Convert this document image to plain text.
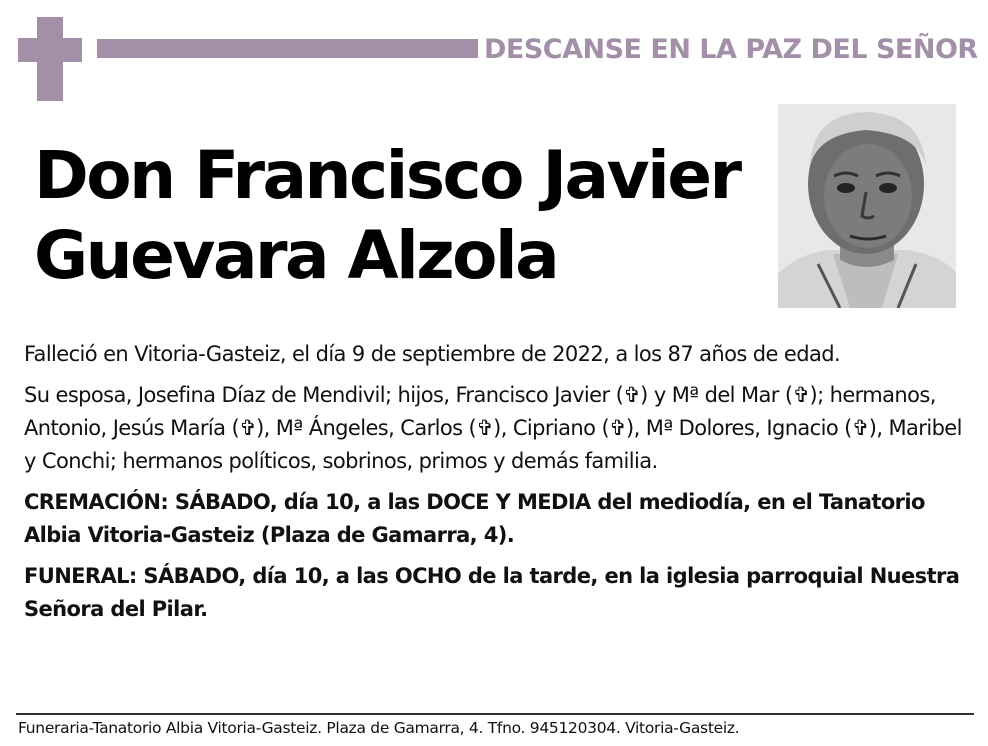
DESCANSE EN LA PAZ DEL SEÑOR
Don Francisco Javier
Guevara Alzola

Falleció en Vitoria-Gasteiz, el día 9 de septiembre de 2022, a los 87 años de edad.

Su esposa, Josefina Díaz de Mendivil; hijos, Francisco Javier (✞) y Mª del Mar (✞); hermanos, Antonio, Jesús María (✞), Mª Ángeles, Carlos (✞), Cipriano (✞), Mª Dolores, Ignacio (✞), Maribel y Conchi; hermanos políticos, sobrinos, primos y demás familia.

CREMACIÓN: SÁBADO, día 10, a las DOCE Y MEDIA del mediodía, en el Tanatorio Albia Vitoria-Gasteiz (Plaza de Gamarra, 4).

FUNERAL: SÁBADO, día 10, a las OCHO de la tarde, en la iglesia parroquial Nuestra Señora del Pilar.

Funeraria-Tanatorio Albia Vitoria-Gasteiz. Plaza de Gamarra, 4. Tfno. 945120304. Vitoria-Gasteiz.
